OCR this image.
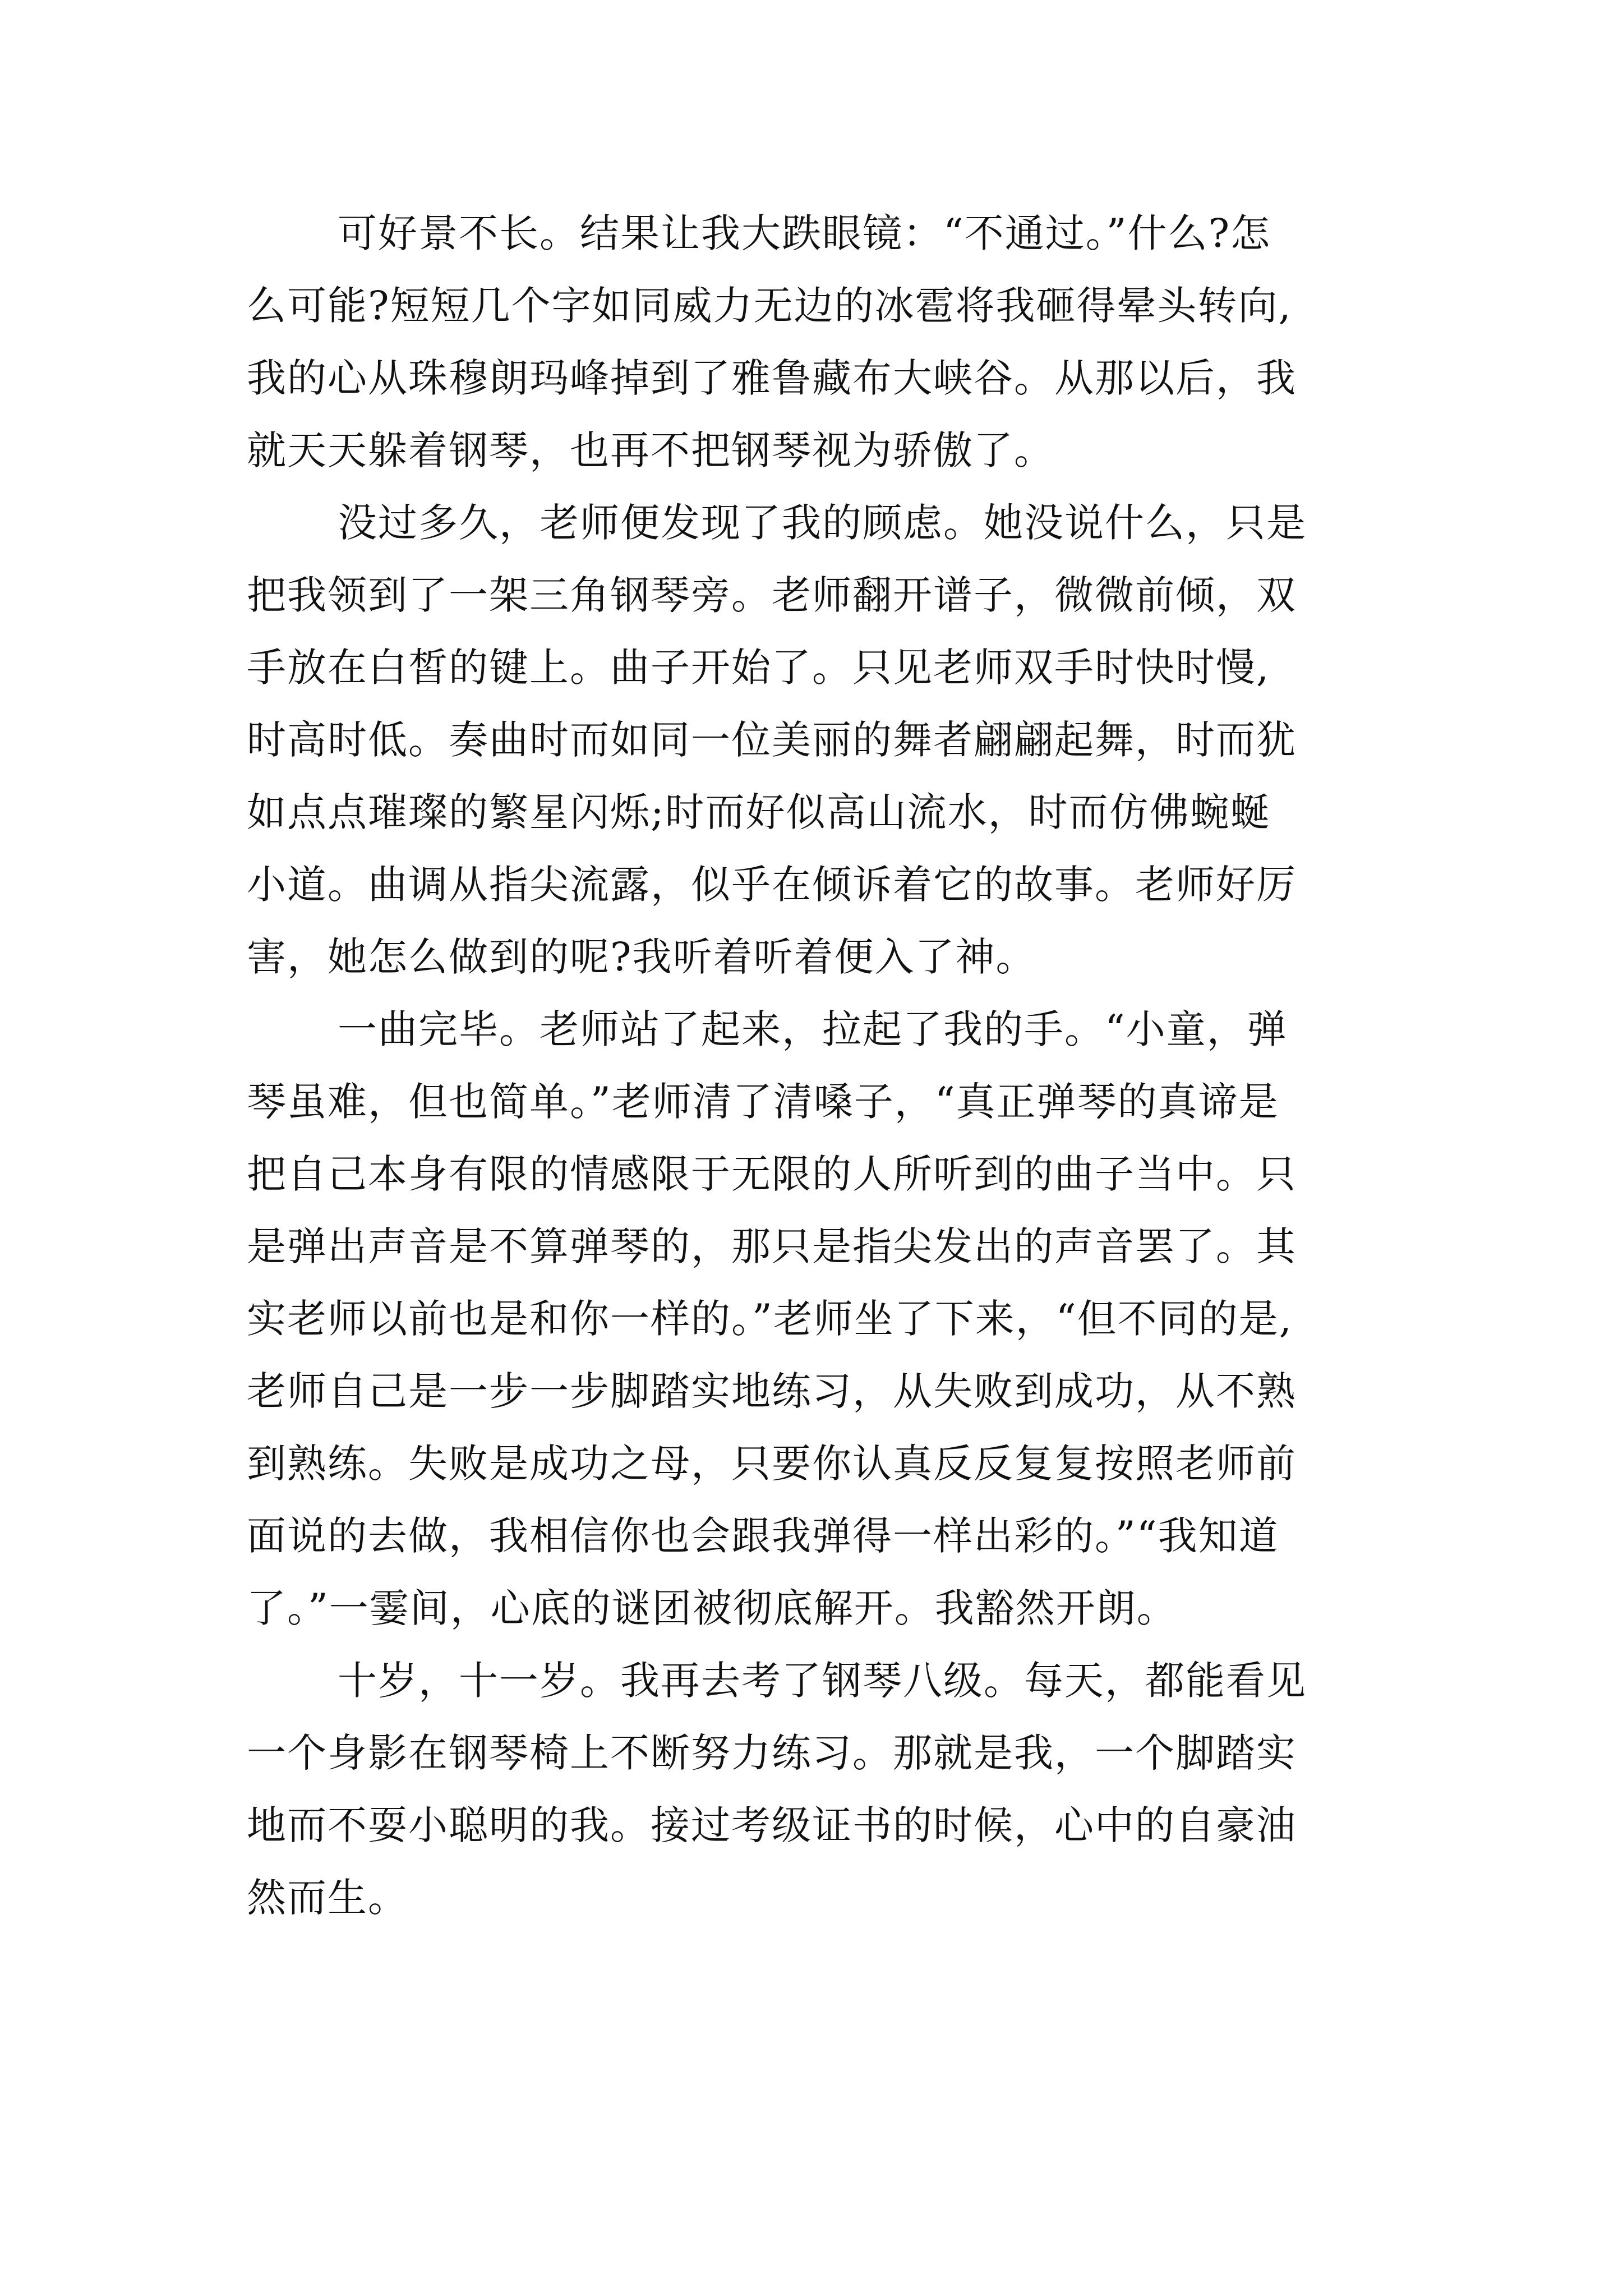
可好景不长。结果让我大跌眼镜：“不通过。”什么?怎
么可能?短短几个字如同威力无边的冰雹将我砸得晕头转向,
我的心从珠穆朗玛峰掉到了雅鲁藏布大峡谷。从那以后，我
就天天躲着钢琴，也再不把钢琴视为骄傲了。
没过多久，老师便发现了我的顾虑。她没说什么，只是
把我领到了一架三角钢琴旁。老师翻开谱子，微微前倾，双
手放在白皙的键上。曲子开始了。只见老师双手时快时慢,
时高时低。奏曲时而如同一位美丽的舞者翩翩起舞，时而犹
如点点璀璨的繁星闪烁;时而好似高山流水，时而仿佛蜿蜒
小道。曲调从指尖流露，似乎在倾诉着它的故事。老师好厉
害，她怎么做到的呢?我听着听着便入了神。
一曲完毕。老师站了起来，拉起了我的手。“小童，弹
琴虽难，但也简单。”老师清了清嗓子，“真正弹琴的真谛是
把自己本身有限的情感限于无限的人所听到的曲子当中。只
是弹出声音是不算弹琴的，那只是指尖发出的声音罢了。其
实老师以前也是和你一样的。”老师坐了下来，“但不同的是,
老师自己是一步一步脚踏实地练习，从失败到成功，从不熟
到熟练。失败是成功之母，只要你认真反反复复按照老师前
面说的去做，我相信你也会跟我弹得一样出彩的。”“我知道
了。”一霎间，心底的谜团被彻底解开。我豁然开朗。
十岁，十一岁。我再去考了钢琴八级。每天，都能看见
一个身影在钢琴椅上不断努力练习。那就是我，一个脚踏实
地而不耍小聪明的我。接过考级证书的时候，心中的自豪油
然而生。
